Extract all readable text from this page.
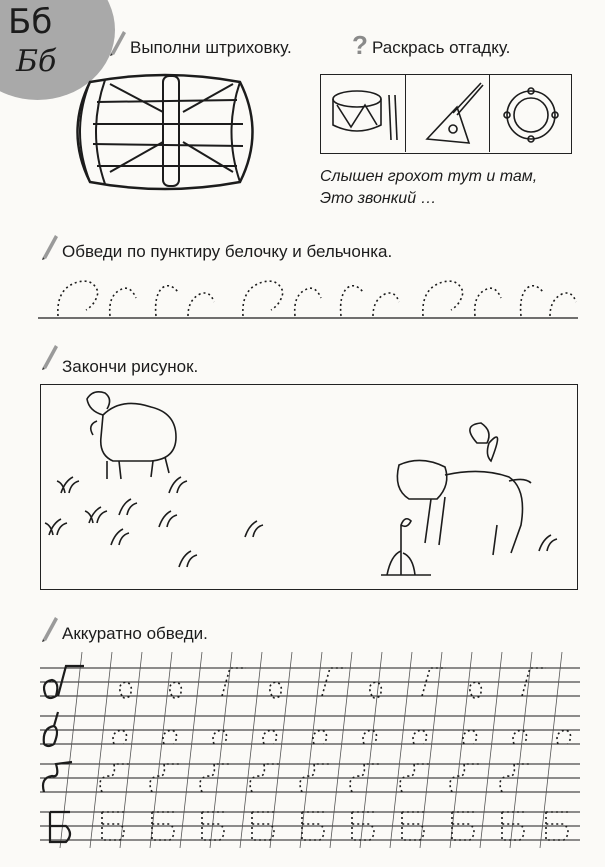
Бб
Бб	Выполни штриховку. ? Раскрась отгадку.
Слышен грохот тут и там,
Это звонкий …
Обведи по пунктиру белочку и бельчонка.
Закончи рисунок.
Аккуратно обведи.
